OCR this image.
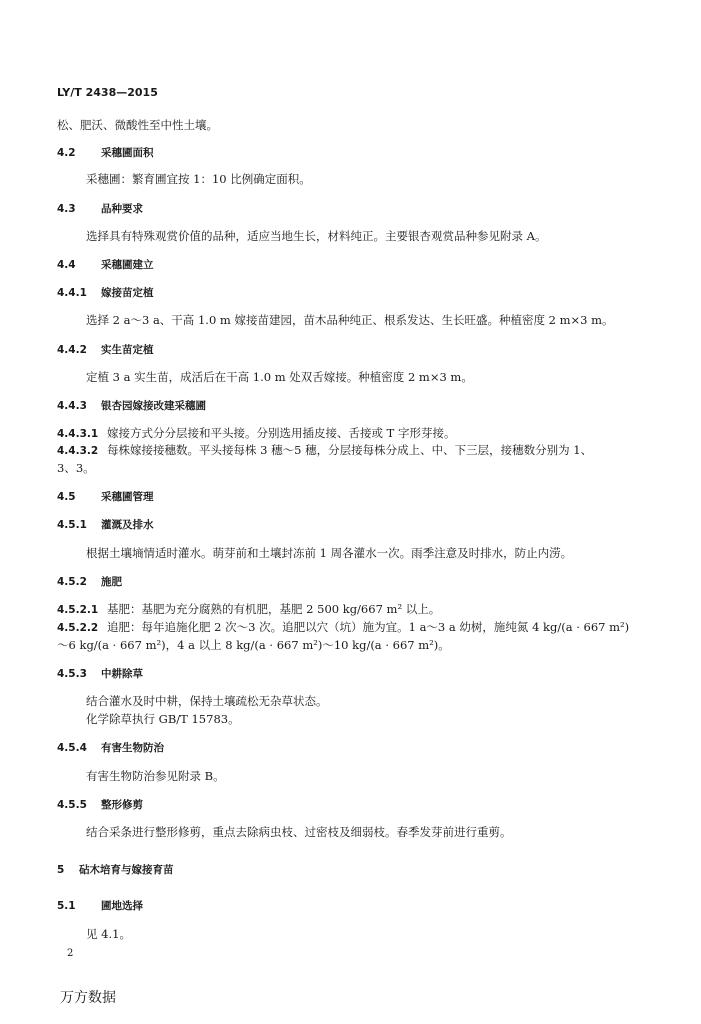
LY/T 2438—2015
松、肥沃、微酸性至中性土壤。
4.2 采穗圃面积
采穗圃：繁育圃宜按 1：10 比例确定面积。
4.3 品种要求
选择具有特殊观赏价值的品种，适应当地生长，材料纯正。主要银杏观赏品种参见附录 A。
4.4 采穗圃建立
4.4.1 嫁接苗定植
选择 2 a～3 a、干高 1.0 m 嫁接苗建园，苗木品种纯正、根系发达、生长旺盛。种植密度 2 m×3 m。
4.4.2 实生苗定植
定植 3 a 实生苗，成活后在干高 1.0 m 处双舌嫁接。种植密度 2 m×3 m。
4.4.3 银杏园嫁接改建采穗圃
4.4.3.1 嫁接方式分分层接和平头接。分别选用插皮接、舌接或 T 字形芽接。
4.4.3.2 每株嫁接接穗数。平头接每株 3 穗～5 穗，分层接每株分成上、中、下三层，接穗数分别为 1、
3、3。
4.5 采穗圃管理
4.5.1 灌溉及排水
根据土壤墒情适时灌水。萌芽前和土壤封冻前 1 周各灌水一次。雨季注意及时排水，防止内涝。
4.5.2 施肥
4.5.2.1 基肥：基肥为充分腐熟的有机肥，基肥 2 500 kg/667 m² 以上。
4.5.2.2 追肥：每年追施化肥 2 次～3 次。追肥以穴（坑）施为宜。1 a～3 a 幼树，施纯氮 4 kg/(a · 667 m²)
～6 kg/(a · 667 m²)，4 a 以上 8 kg/(a · 667 m²)～10 kg/(a · 667 m²)。
4.5.3 中耕除草
结合灌水及时中耕，保持土壤疏松无杂草状态。
化学除草执行 GB/T 15783。
4.5.4 有害生物防治
有害生物防治参见附录 B。
4.5.5 整形修剪
结合采条进行整形修剪，重点去除病虫枝、过密枝及细弱枝。春季发芽前进行重剪。
5 砧木培育与嫁接育苗
5.1 圃地选择
见 4.1。
2
万方数据
